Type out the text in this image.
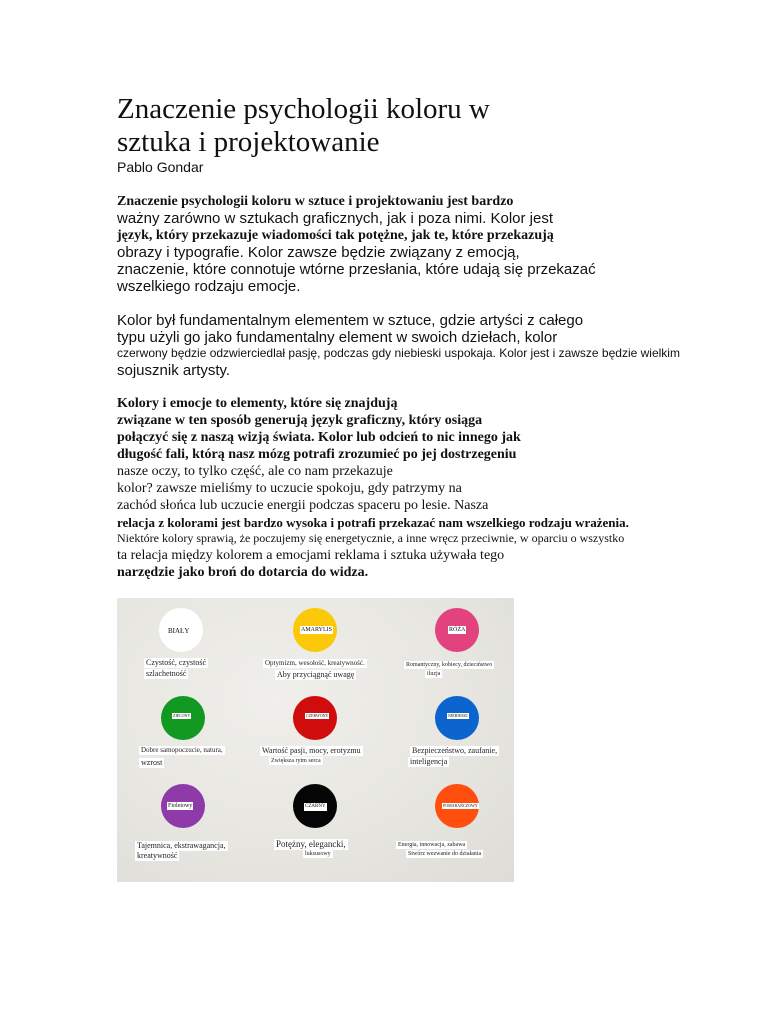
Znaczenie psychologii koloru w
sztuka i projektowanie
Pablo Gondar
Znaczenie psychologii koloru w sztuce i projektowaniu jest bardzo
ważny zarówno w sztukach graficznych, jak i poza nimi. Kolor jest
język, który przekazuje wiadomości tak potężne, jak te, które przekazują
obrazy i typografie. Kolor zawsze będzie związany z emocją,
znaczenie, które connotuje wtórne przesłania, które udają się przekazać
wszelkiego rodzaju emocje.
Kolor był fundamentalnym elementem w sztuce, gdzie artyści z całego
typu użyli go jako fundamentalny element w swoich dziełach, kolor
czerwony będzie odzwierciedlał pasję, podczas gdy niebieski uspokaja. Kolor jest i zawsze będzie wielkim
sojusznik artysty.
Kolory i emocje to elementy, które się znajdują
związane w ten sposób generują język graficzny, który osiąga
połączyć się z naszą wizją świata. Kolor lub odcień to nic innego jak
długość fali, którą nasz mózg potrafi zrozumieć po jej dostrzegeniu
nasze oczy, to tylko część, ale co nam przekazuje
kolor? zawsze mieliśmy to uczucie spokoju, gdy patrzymy na
zachód słońca lub uczucie energii podczas spaceru po lesie. Nasza
relacja z kolorami jest bardzo wysoka i potrafi przekazać nam wszelkiego rodzaju wrażenia.
Niektóre kolory sprawią, że poczujemy się energetycznie, a inne wręcz przeciwnie, w oparciu o wszystko
ta relacja między kolorem a emocjami reklama i sztuka używała tego
narzędzie jako broń do dotarcia do widza.
BIAŁY
Czystość, czystość
szlachetność
AMARYLIS
Optymizm, wesołość, kreatywność.
Aby przyciągnąć uwagę
RÓŻA
Romantyczny, kobiecy, dzieciństwo
iluzja
ZIELONY
Dobre samopoczucie, natura,
wzrost
CZERWONY
Wartość pasji, mocy, erotyzmu
Zwiększa rytm serca
NIEBIESKI
Bezpieczeństwo, zaufanie,
inteligencja
Fioletowy
Tajemnica, ekstrawagancja,
kreatywność
CZARNY
Potężny, elegancki,
luksusowy
POMARAŃCZOWY
Energia, innowacja, zabawa
Stwórz wezwanie do działania
